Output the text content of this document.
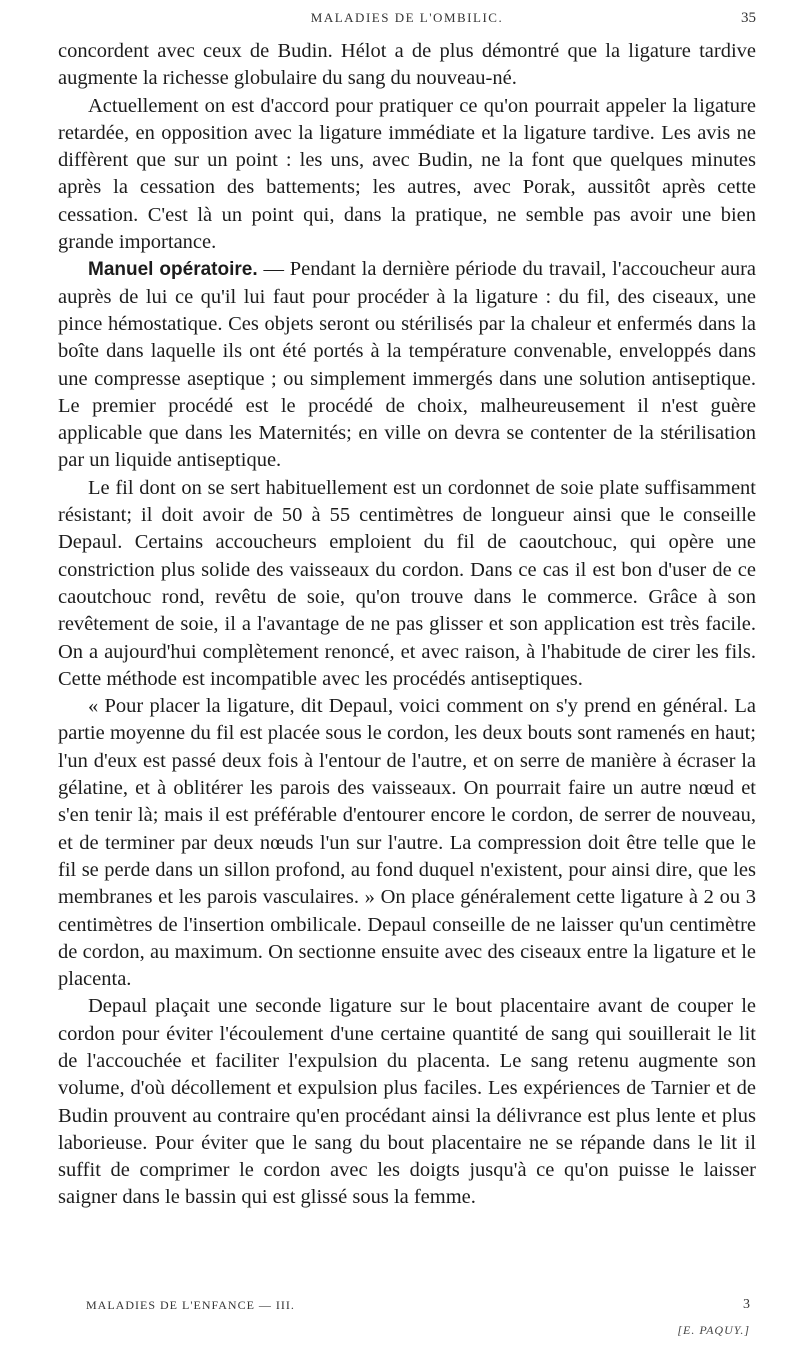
MALADIES DE L'OMBILIC.	35

concordent avec ceux de Budin. Hélot a de plus démontré que la ligature tardive augmente la richesse globulaire du sang du nouveau-né.

Actuellement on est d'accord pour pratiquer ce qu'on pourrait appeler la ligature retardée, en opposition avec la ligature immédiate et la ligature tardive. Les avis ne diffèrent que sur un point : les uns, avec Budin, ne la font que quelques minutes après la cessation des battements; les autres, avec Porak, aussitôt après cette cessation. C'est là un point qui, dans la pratique, ne semble pas avoir une bien grande importance.

Manuel opératoire. — Pendant la dernière période du travail, l'accoucheur aura auprès de lui ce qu'il lui faut pour procéder à la ligature : du fil, des ciseaux, une pince hémostatique. Ces objets seront ou stérilisés par la chaleur et enfermés dans la boîte dans laquelle ils ont été portés à la température convenable, enveloppés dans une compresse aseptique ; ou simplement immergés dans une solution antiseptique. Le premier procédé est le procédé de choix, malheureusement il n'est guère applicable que dans les Maternités; en ville on devra se contenter de la stérilisation par un liquide antiseptique.

Le fil dont on se sert habituellement est un cordonnet de soie plate suffisamment résistant; il doit avoir de 50 à 55 centimètres de longueur ainsi que le conseille Depaul. Certains accoucheurs emploient du fil de caoutchouc, qui opère une constriction plus solide des vaisseaux du cordon. Dans ce cas il est bon d'user de ce caoutchouc rond, revêtu de soie, qu'on trouve dans le commerce. Grâce à son revêtement de soie, il a l'avantage de ne pas glisser et son application est très facile. On a aujourd'hui complètement renoncé, et avec raison, à l'habitude de cirer les fils. Cette méthode est incompatible avec les procédés antiseptiques.

« Pour placer la ligature, dit Depaul, voici comment on s'y prend en général. La partie moyenne du fil est placée sous le cordon, les deux bouts sont ramenés en haut; l'un d'eux est passé deux fois à l'entour de l'autre, et on serre de manière à écraser la gélatine, et à oblitérer les parois des vaisseaux. On pourrait faire un autre nœud et s'en tenir là; mais il est préférable d'entourer encore le cordon, de serrer de nouveau, et de terminer par deux nœuds l'un sur l'autre. La compression doit être telle que le fil se perde dans un sillon profond, au fond duquel n'existent, pour ainsi dire, que les membranes et les parois vasculaires. » On place généralement cette ligature à 2 ou 3 centimètres de l'insertion ombilicale. Depaul conseille de ne laisser qu'un centimètre de cordon, au maximum. On sectionne ensuite avec des ciseaux entre la ligature et le placenta.

Depaul plaçait une seconde ligature sur le bout placentaire avant de couper le cordon pour éviter l'écoulement d'une certaine quantité de sang qui souillerait le lit de l'accouchée et faciliter l'expulsion du placenta. Le sang retenu augmente son volume, d'où décollement et expulsion plus faciles. Les expériences de Tarnier et de Budin prouvent au contraire qu'en procédant ainsi la délivrance est plus lente et plus laborieuse. Pour éviter que le sang du bout placentaire ne se répande dans le lit il suffit de comprimer le cordon avec les doigts jusqu'à ce qu'on puisse le laisser saigner dans le bassin qui est glissé sous la femme.

MALADIES DE L'ENFANCE — III.	3
[E. PAQUY.]
